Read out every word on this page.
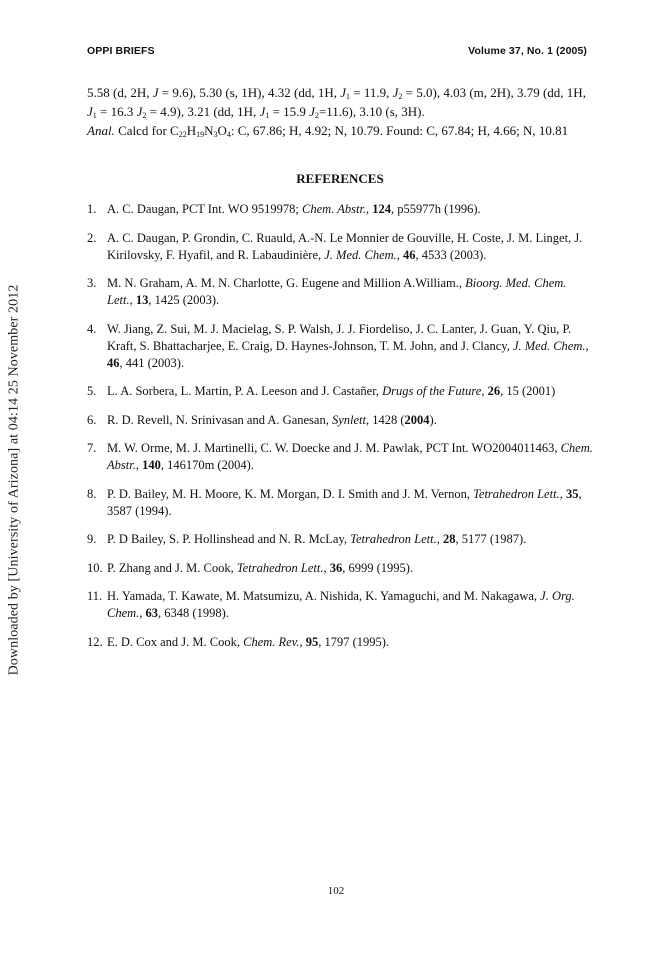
Downloaded by [University of Arizona] at 04:14 25 November 2012
OPPI BRIEFS	Volume 37, No. 1 (2005)

5.58 (d, 2H, J = 9.6), 5.30 (s, 1H), 4.32 (dd, 1H, $J_1 = 11.9$, $J_2 = 5.0$), 4.03 (m, 2H), 3.79 (dd, 1H,
$J_1 = 16.3$ $J_2 = 4.9$), 3.21 (dd, 1H, $J_1 = 15.9$ $J_2=11.6$), 3.10 (s, 3H).

Anal. Calcd for $C_{22}H_{19}N_3O_4$: C, 67.86; H, 4.92; N, 10.79. Found: C, 67.84; H, 4.66; N, 10.81

REFERENCES
1. A. C. Daugan, PCT Int. WO 9519978; Chem. Abstr., 124, p55977h (1996).
2. A. C. Daugan, P. Grondin, C. Ruauld, A.-N. Le Monnier de Gouville, H. Coste, J. M. Linget, J. Kirilovsky, F. Hyafil, and R. Labaudinière, J. Med. Chem., 46, 4533 (2003).
3. M. N. Graham, A. M. N. Charlotte, G. Eugene and Million A.William., Bioorg. Med. Chem. Lett., 13, 1425 (2003).
4. W. Jiang, Z. Sui, M. J. Macielag, S. P. Walsh, J. J. Fiordeliso, J. C. Lanter, J. Guan, Y. Qiu, P. Kraft, S. Bhattacharjee, E. Craig, D. Haynes-Johnson, T. M. John, and J. Clancy, J. Med. Chem., 46, 441 (2003).
5. L. A. Sorbera, L. Martin, P. A. Leeson and J. Castañer, Drugs of the Future, 26, 15 (2001)
6. R. D. Revell, N. Srinivasan and A. Ganesan, Synlett, 1428 (2004).
7. M. W. Orme, M. J. Martinelli, C. W. Doecke and J. M. Pawlak, PCT Int. WO2004011463, Chem. Abstr., 140, 146170m (2004).
8. P. D. Bailey, M. H. Moore, K. M. Morgan, D. I. Smith and J. M. Vernon, Tetrahedron Lett., 35, 3587 (1994).
9. P. D Bailey, S. P. Hollinshead and N. R. McLay, Tetrahedron Lett., 28, 5177 (1987).
10. P. Zhang and J. M. Cook, Tetrahedron Lett., 36, 6999 (1995).
11. H. Yamada, T. Kawate, M. Matsumizu, A. Nishida, K. Yamaguchi, and M. Nakagawa, J. Org. Chem., 63, 6348 (1998).
12. E. D. Cox and J. M. Cook, Chem. Rev., 95, 1797 (1995).
102
